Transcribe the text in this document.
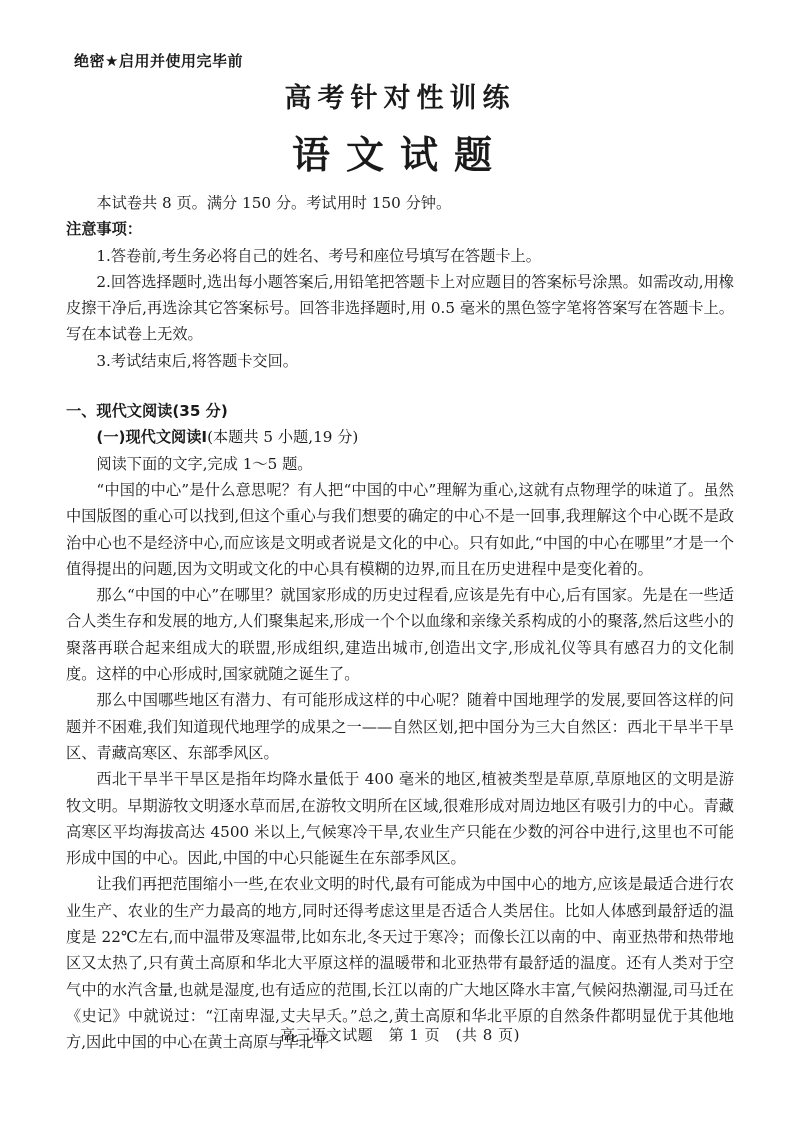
绝密★启用并使用完毕前
高考针对性训练
语文试题

本试卷共 8 页。满分 150 分。考试用时 150 分钟。

注意事项：

1.答卷前,考生务必将自己的姓名、考号和座位号填写在答题卡上。

2.回答选择题时,选出每小题答案后,用铅笔把答题卡上对应题目的答案标号涂黑。如需改动,用橡皮擦干净后,再选涂其它答案标号。回答非选择题时,用 0.5 毫米的黑色签字笔将答案写在答题卡上。写在本试卷上无效。

3.考试结束后,将答题卡交回。

一、现代文阅读(35 分)

(一)现代文阅读Ⅰ(本题共 5 小题,19 分)

阅读下面的文字,完成 1～5 题。

“中国的中心”是什么意思呢？有人把“中国的中心”理解为重心,这就有点物理学的味道了。虽然中国版图的重心可以找到,但这个重心与我们想要的确定的中心不是一回事,我理解这个中心既不是政治中心也不是经济中心,而应该是文明或者说是文化的中心。只有如此,“中国的中心在哪里”才是一个值得提出的问题,因为文明或文化的中心具有模糊的边界,而且在历史进程中是变化着的。

那么“中国的中心”在哪里？就国家形成的历史过程看,应该是先有中心,后有国家。先是在一些适合人类生存和发展的地方,人们聚集起来,形成一个个以血缘和亲缘关系构成的小的聚落,然后这些小的聚落再联合起来组成大的联盟,形成组织,建造出城市,创造出文字,形成礼仪等具有感召力的文化制度。这样的中心形成时,国家就随之诞生了。

那么中国哪些地区有潜力、有可能形成这样的中心呢？随着中国地理学的发展,要回答这样的问题并不困难,我们知道现代地理学的成果之一——自然区划,把中国分为三大自然区：西北干旱半干旱区、青藏高寒区、东部季风区。

西北干旱半干旱区是指年均降水量低于 400 毫米的地区,植被类型是草原,草原地区的文明是游牧文明。早期游牧文明逐水草而居,在游牧文明所在区域,很难形成对周边地区有吸引力的中心。青藏高寒区平均海拔高达 4500 米以上,气候寒冷干旱,农业生产只能在少数的河谷中进行,这里也不可能形成中国的中心。因此,中国的中心只能诞生在东部季风区。

让我们再把范围缩小一些,在农业文明的时代,最有可能成为中国中心的地方,应该是最适合进行农业生产、农业的生产力最高的地方,同时还得考虑这里是否适合人类居住。比如人体感到最舒适的温度是 22℃左右,而中温带及寒温带,比如东北,冬天过于寒冷；而像长江以南的中、南亚热带和热带地区又太热了,只有黄土高原和华北大平原这样的温暖带和北亚热带有最舒适的温度。还有人类对于空气中的水汽含量,也就是湿度,也有适应的范围,长江以南的广大地区降水丰富,气候闷热潮湿,司马迁在《史记》中就说过：“江南卑湿,丈夫早夭。”总之,黄土高原和华北平原的自然条件都明显优于其他地方,因此中国的中心在黄土高原与华北平

高三语文试题　第 1 页　(共 8 页)
